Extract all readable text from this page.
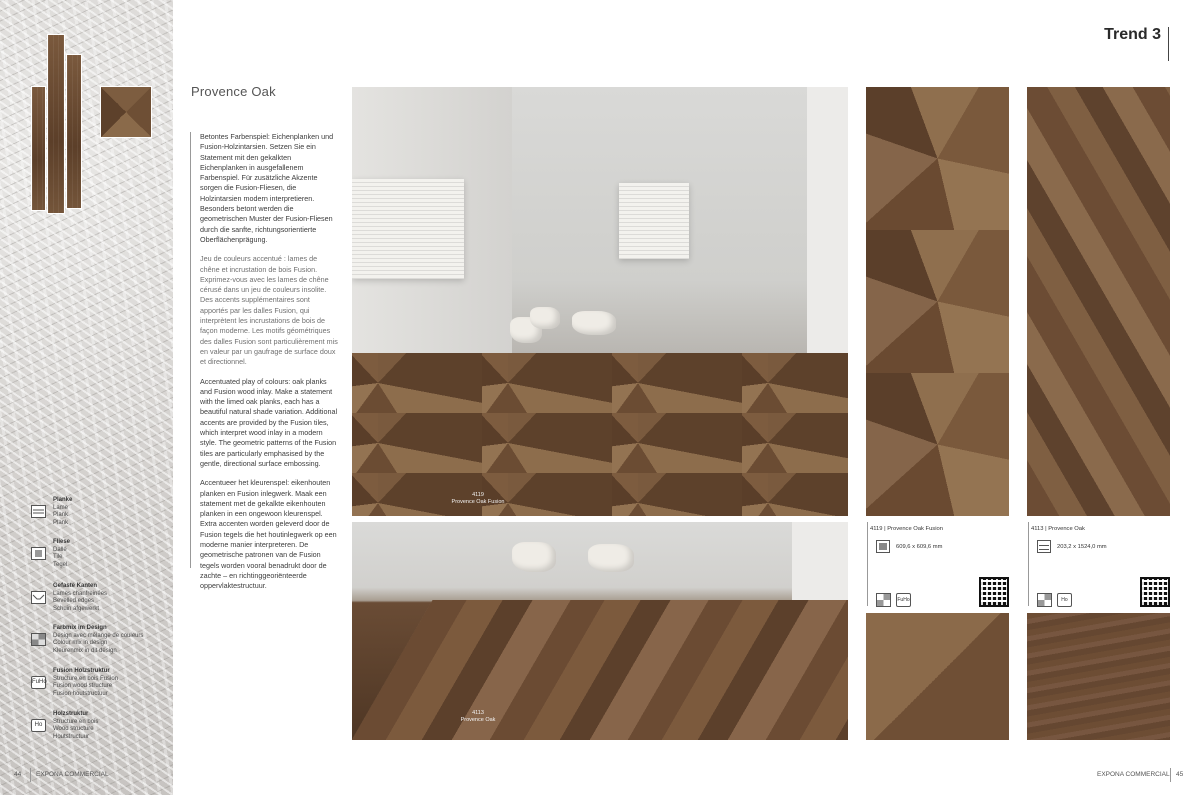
Planke
Lame
Plank
Plank
Fliese
Dalle
Tile
Tegel
Gefaste Kanten
Lames chanfreinées
Bevelled edges
Schuin afgewerkt
Farbmix im Design
Design avec mélange de couleurs
Colour mix in design
Kleurenmix in dit design
FuHo
Fusion Holzstruktur
Structure en bois Fusion
Fusion wood structure
Fusion houtstructuur
Ho
Holzstruktur
Structure en bois
Wood structure
Houtstructuur
Trend 3
Provence Oak

Betontes Farbenspiel: Eichenplanken und Fusion-Holzintarsien. Setzen Sie ein Statement mit den gekalkten Eichenplanken in ausgefallenem Farbenspiel. Für zusätzliche Akzente sorgen die Fusion-Fliesen, die Holzintarsien modern interpretieren. Besonders betont werden die geometrischen Muster der Fusion-Fliesen durch die sanfte, richtungsorientierte Oberflächenprägung.

Jeu de couleurs accentué : lames de chêne et incrustation de bois Fusion. Exprimez-vous avec les lames de chêne cérusé dans un jeu de couleurs insolite. Des accents supplémentaires sont apportés par les dalles Fusion, qui interprètent les incrustations de bois de façon moderne. Les motifs géométriques des dalles Fusion sont particulièrement mis en valeur par un gaufrage de surface doux et directionnel.

Accentuated play of colours: oak planks and Fusion wood inlay. Make a statement with the limed oak planks, each has a beautiful natural shade variation. Additional accents are provided by the Fusion tiles, which interpret wood inlay in a modern style. The geometric patterns of the Fusion tiles are particularly emphasised by the gentle, directional surface embossing.

Accentueer het kleurenspel: eikenhouten planken en Fusion inlegwerk. Maak een statement met de gekalkte eikenhouten planken in een ongewoon kleurenspel. Extra accenten worden geleverd door de Fusion tegels die het houtinlegwerk op een moderne manier interpreteren. De geometrische patronen van de Fusion tegels worden vooral benadrukt door de zachte – en richtinggeoriënteerde oppervlaktestructuur.

4119
Provence Oak Fusion
4113
Provence Oak
4119 | Provence Oak Fusion
609,6 x 609,6 mm
FuHo
4113 | Provence Oak
203,2 x 1524,0 mm
Ho
44 EXPONA COMMERCIAL	EXPONA COMMERCIAL 45
